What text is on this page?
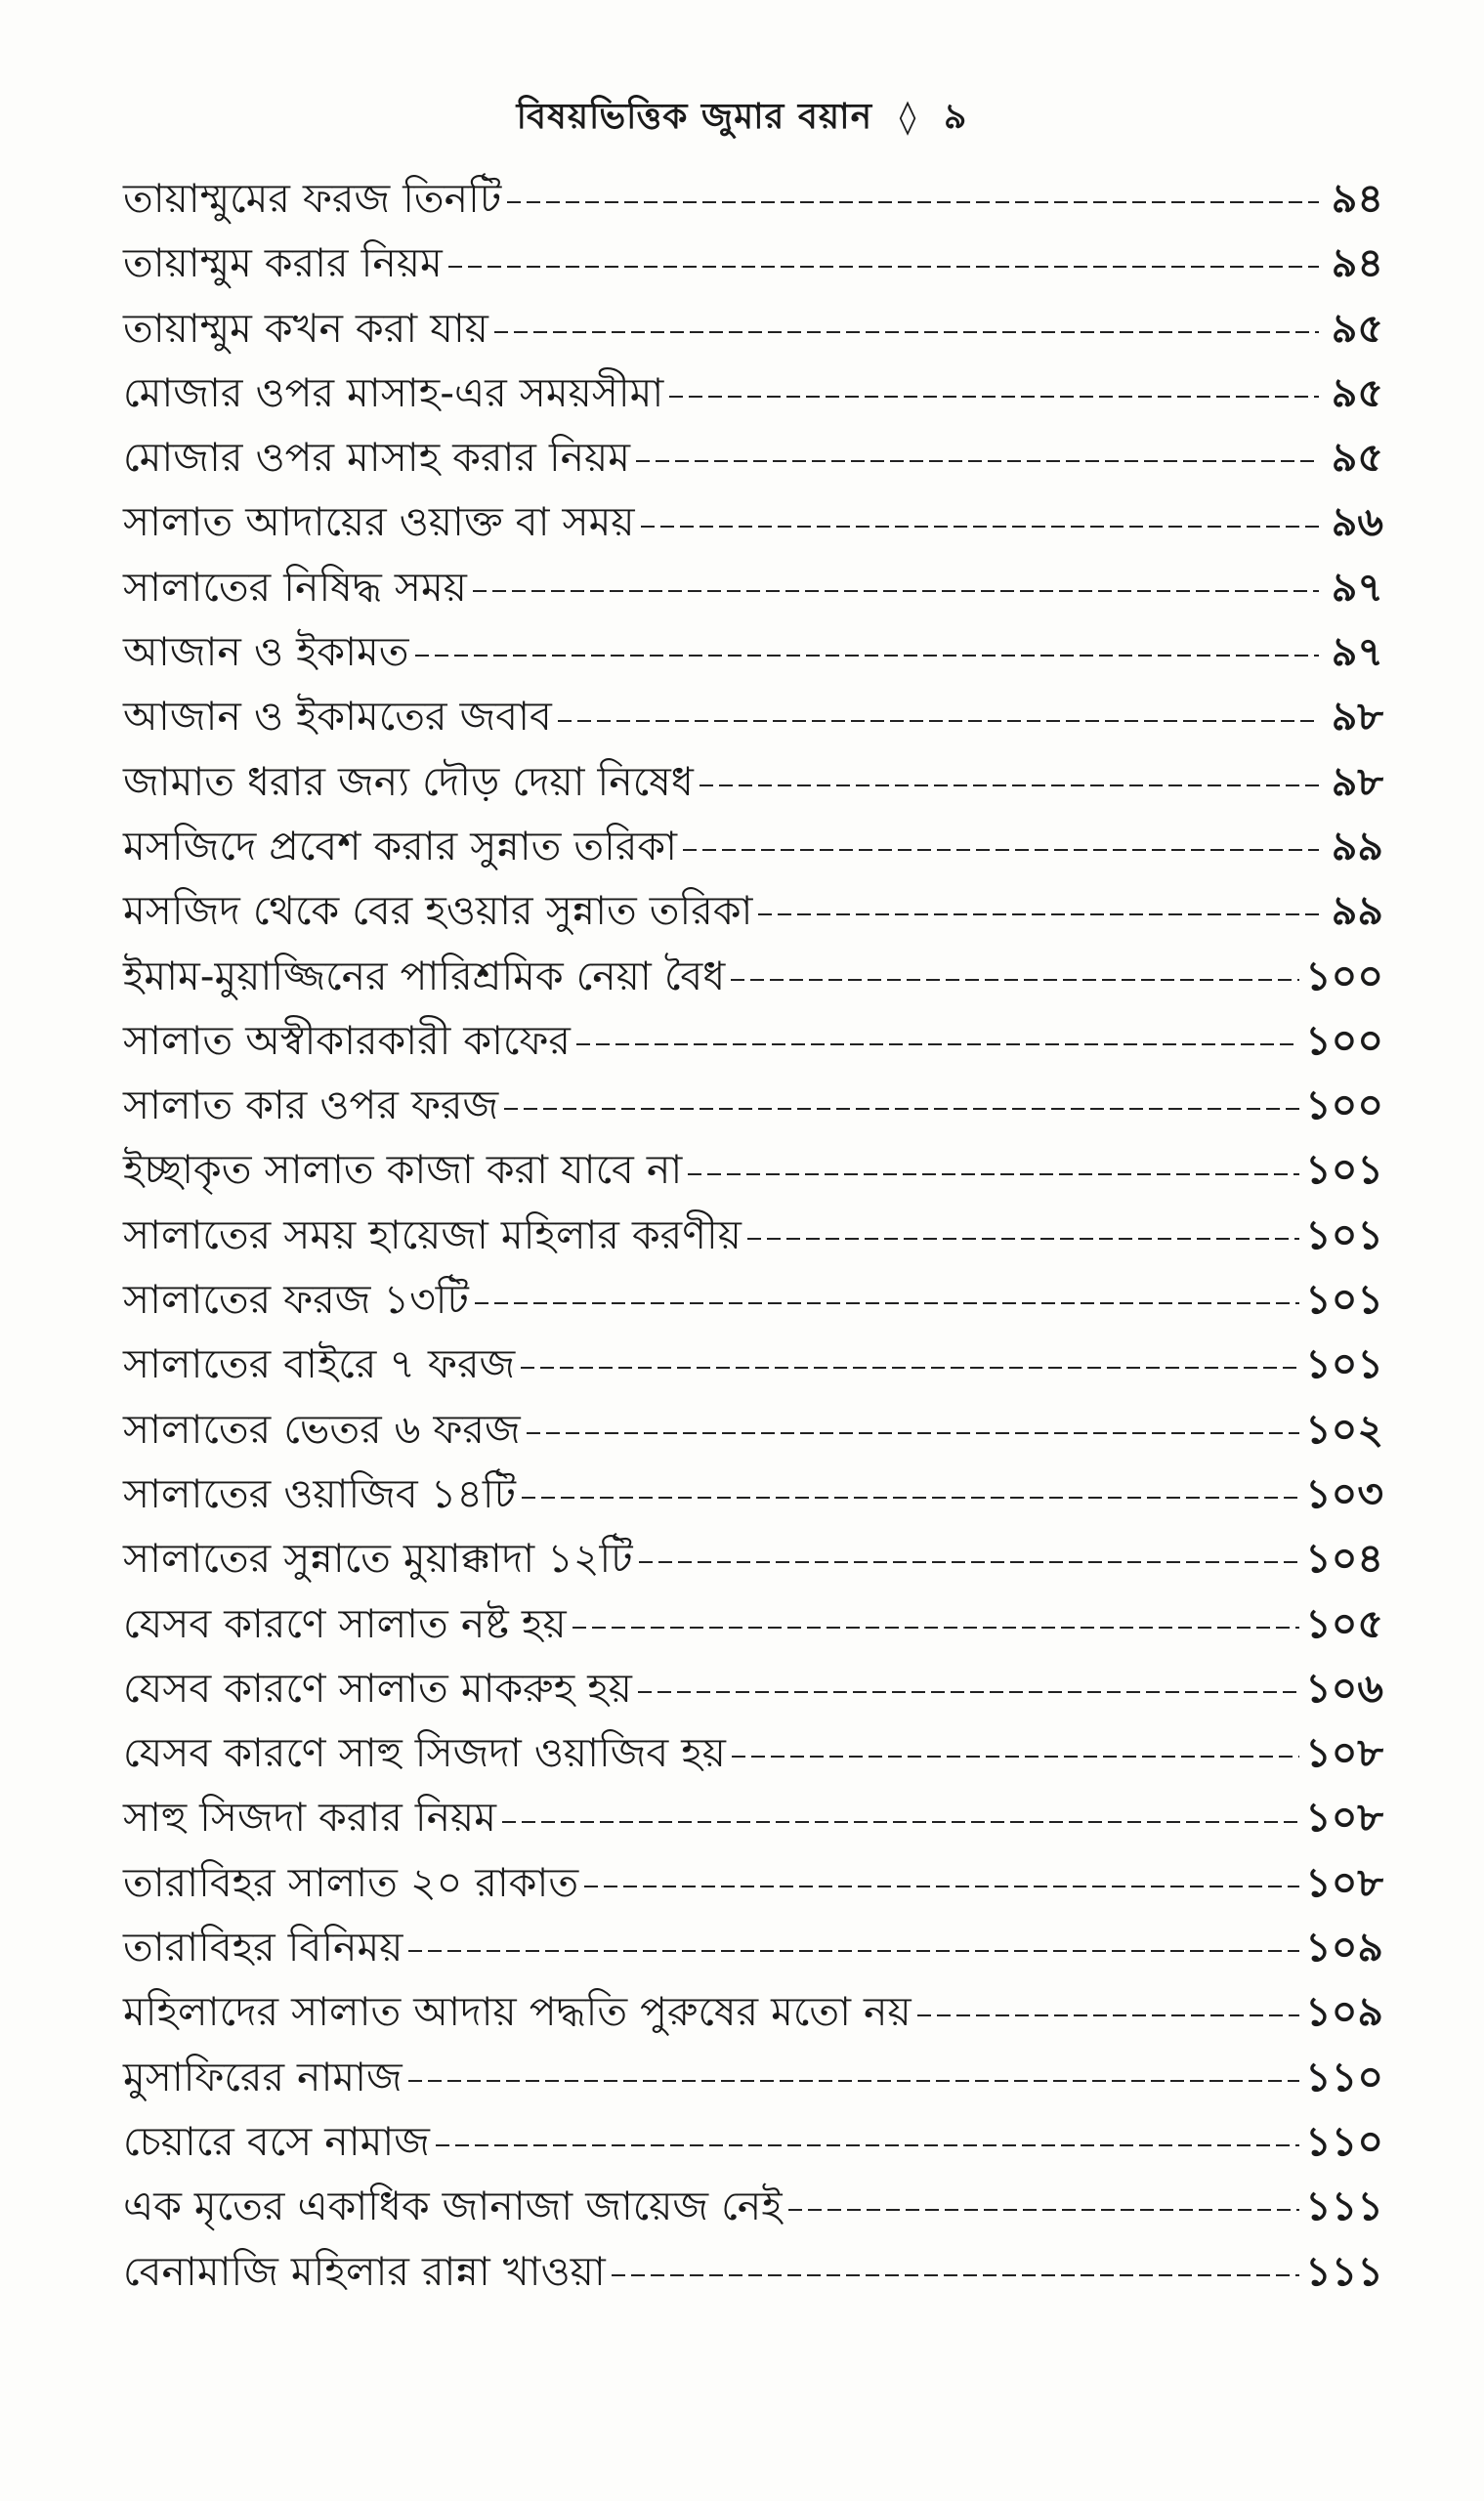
বিষয়ভিত্তিক জুমার বয়ান ◊ ৯
তায়াম্মুমের ফরজ তিনটি	৯৪
তায়াম্মুম করার নিয়ম	৯৪
তায়াম্মুম কখন করা যায়	৯৫
মোজার ওপর মাসাহ-এর সময়সীমা	৯৫
মোজার ওপর মাসাহ করার নিয়ম	৯৫
সালাত আদায়ের ওয়াক্ত বা সময়	৯৬
সালাতের নিষিদ্ধ সময়	৯৭
আজান ও ইকামত	৯৭
আজান ও ইকামতের জবাব	৯৮
জামাত ধরার জন্য দৌড় দেয়া নিষেধ	৯৮
মসজিদে প্রবেশ করার সুন্নাত তরিকা	৯৯
মসজিদ থেকে বের হওয়ার সুন্নাত তরিকা	৯৯
ইমাম-মুয়াজ্জিনের পারিশ্রমিক নেয়া বৈধ	১০০
সালাত অস্বীকারকারী কাফের	১০০
সালাত কার ওপর ফরজ	১০০
ইচ্ছাকৃত সালাত কাজা করা যাবে না	১০১
সালাতের সময় হায়েজা মহিলার করণীয়	১০১
সালাতের ফরজ ১৩টি	১০১
সালাতের বাইরে ৭ ফরজ	১০১
সালাতের ভেতর ৬ ফরজ	১০২
সালাতের ওয়াজিব ১৪টি	১০৩
সালাতের সুন্নাতে মুয়াক্কাদা ১২টি	১০৪
যেসব কারণে সালাত নষ্ট হয়	১০৫
যেসব কারণে সালাত মাকরুহ হয়	১০৬
যেসব কারণে সাহু সিজদা ওয়াজিব হয়	১০৮
সাহু সিজদা করার নিয়ম	১০৮
তারাবিহর সালাত ২০ রাকাত	১০৮
তারাবিহর বিনিময়	১০৯
মহিলাদের সালাত আদায় পদ্ধতি পুরুষের মতো নয়	১০৯
মুসাফিরের নামাজ	১১০
চেয়ারে বসে নামাজ	১১০
এক মৃতের একাধিক জানাজা জায়েজ নেই	১১১
বেনামাজি মহিলার রান্না খাওয়া	১১১
